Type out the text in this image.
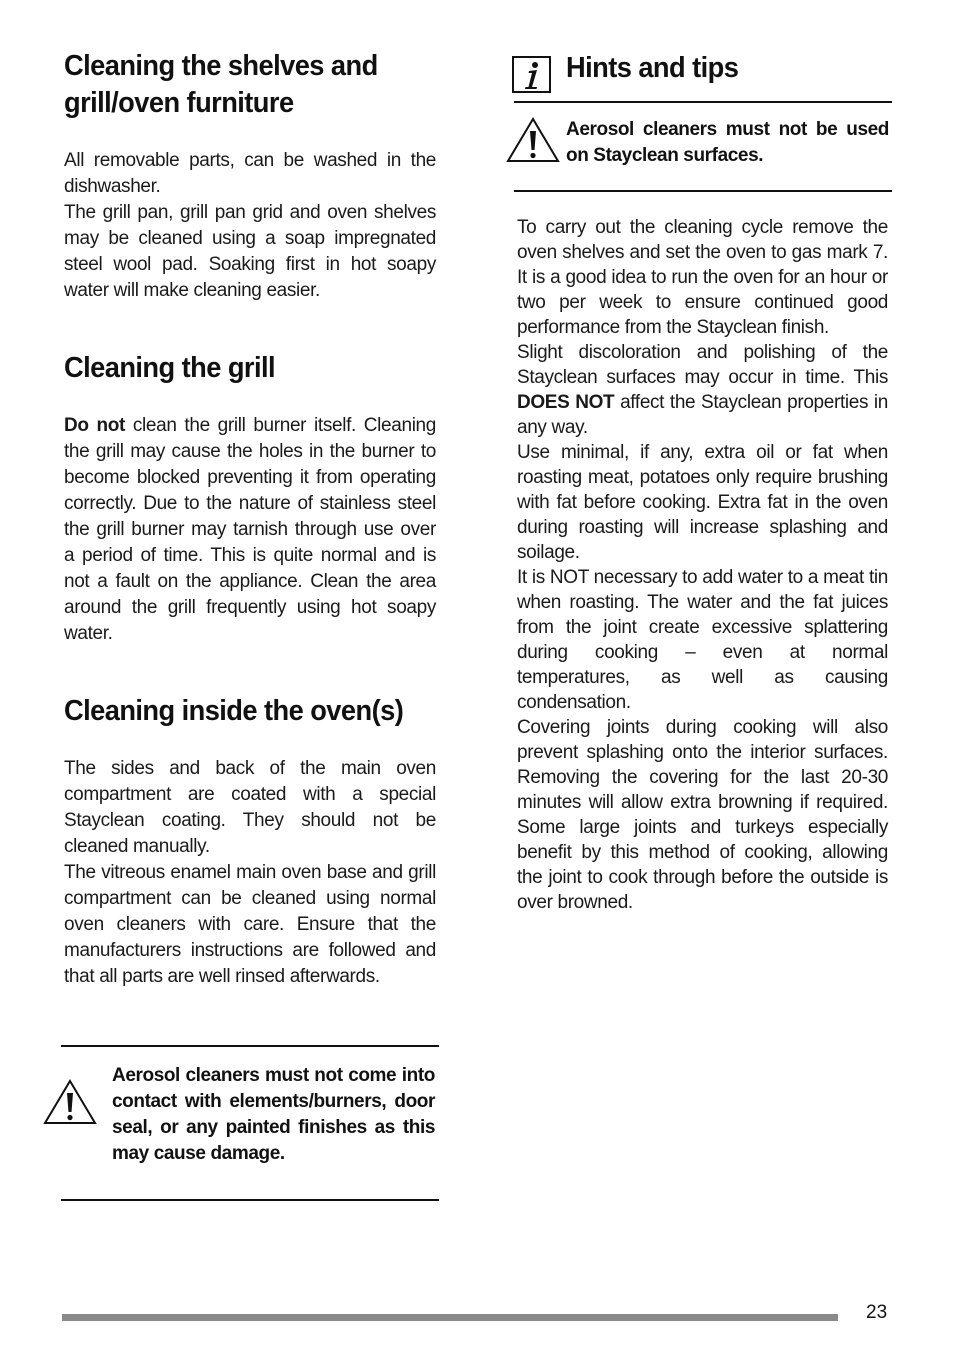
Cleaning the shelves and grill/oven furniture

All removable parts, can be washed in the dishwasher.

The grill pan, grill pan grid and oven shelves may be cleaned using a soap impregnated steel wool pad. Soaking first in hot soapy water will make cleaning easier.

Cleaning the grill

Do not clean the grill burner itself. Cleaning the grill may cause the holes in the burner to become blocked preventing it from operating correctly. Due to the nature of stainless steel the grill burner may tarnish through use over a period of time. This is quite normal and is not a fault on the appliance. Clean the area around the grill frequently using hot soapy water.

Cleaning inside the oven(s)

The sides and back of the main oven compartment are coated with a special Stayclean coating. They should not be cleaned manually.

The vitreous enamel main oven base and grill compartment can be cleaned using normal oven cleaners with care. Ensure that the manufacturers instructions are followed and that all parts are well rinsed afterwards.

Aerosol cleaners must not come into contact with elements/burners, door seal, or any painted finishes as this may cause damage.
Hints and tips
Aerosol cleaners must not be used on Stayclean surfaces.

To carry out the cleaning cycle remove the oven shelves and set the oven to gas mark 7. It is a good idea to run the oven for an hour or two per week to ensure continued good performance from the Stayclean finish.

Slight discoloration and polishing of the Stayclean surfaces may occur in time. This DOES NOT affect the Stayclean properties in any way.

Use minimal, if any, extra oil or fat when roasting meat, potatoes only require brushing with fat before cooking. Extra fat in the oven during roasting will increase splashing and soilage.

It is NOT necessary to add water to a meat tin when roasting. The water and the fat juices from the joint create excessive splattering during cooking – even at normal temperatures, as well as causing condensation.

Covering joints during cooking will also prevent splashing onto the interior surfaces. Removing the covering for the last 20-30 minutes will allow extra browning if required. Some large joints and turkeys especially benefit by this method of cooking, allowing the joint to cook through before the outside is over browned.

23
